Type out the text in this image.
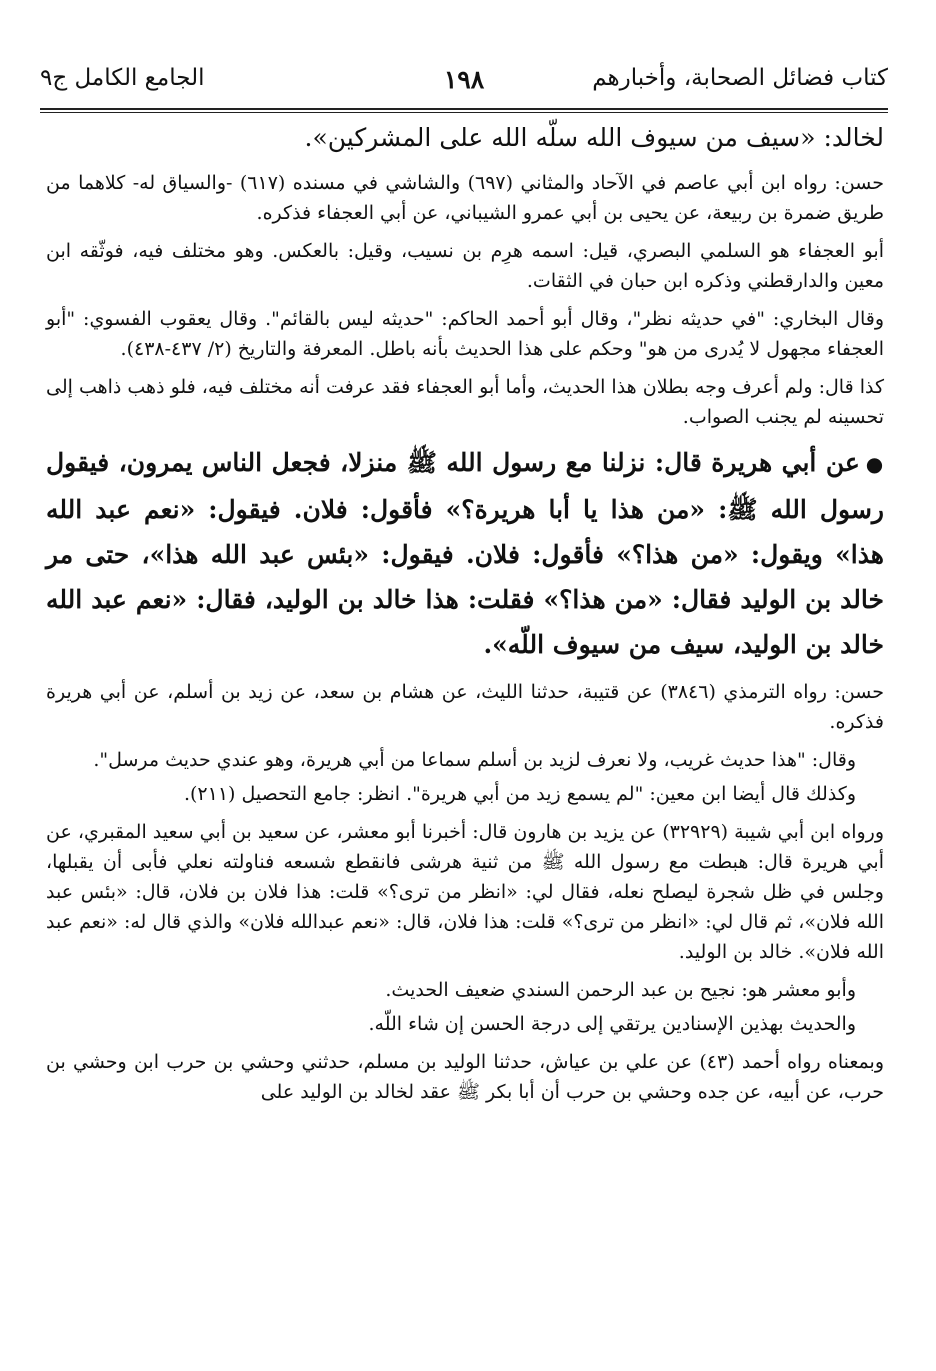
كتاب فضائل الصحابة، وأخبارهم
١٩٨
الجامع الكامل ج٩

لخالد: «سيف من سيوف الله سلّه الله على المشركين».

حسن: رواه ابن أبي عاصم في الآحاد والمثاني (٦٩٧) والشاشي في مسنده (٦١٧) -والسياق له- كلاهما من طريق ضمرة بن ربيعة، عن يحيى بن أبي عمرو الشيباني، عن أبي العجفاء فذكره.

أبو العجفاء هو السلمي البصري، قيل: اسمه هرِم بن نسيب، وقيل: بالعكس. وهو مختلف فيه، فوثّقه ابن معين والدارقطني وذكره ابن حبان في الثقات.

وقال البخاري: "في حديثه نظر"، وقال أبو أحمد الحاكم: "حديثه ليس بالقائم". وقال يعقوب الفسوي: "أبو العجفاء مجهول لا يُدرى من هو" وحكم على هذا الحديث بأنه باطل. المعرفة والتاريخ (٢/ ٤٣٧-٤٣٨).

كذا قال: ولم أعرف وجه بطلان هذا الحديث، وأما أبو العجفاء فقد عرفت أنه مختلف فيه، فلو ذهب ذاهب إلى تحسينه لم يجنب الصواب.

●عن أبي هريرة قال: نزلنا مع رسول الله ﷺ منزلا، فجعل الناس يمرون، فيقول رسول الله ﷺ: «من هذا يا أبا هريرة؟» فأقول: فلان. فيقول: «نعم عبد الله هذا» ويقول: «من هذا؟» فأقول: فلان. فيقول: «بئس عبد الله هذا»، حتى مر خالد بن الوليد فقال: «من هذا؟» فقلت: هذا خالد بن الوليد، فقال: «نعم عبد الله خالد بن الوليد، سيف من سيوف اللّه».

حسن: رواه الترمذي (٣٨٤٦) عن قتيبة، حدثنا الليث، عن هشام بن سعد، عن زيد بن أسلم، عن أبي هريرة فذكره.

وقال: "هذا حديث غريب، ولا نعرف لزيد بن أسلم سماعا من أبي هريرة، وهو عندي حديث مرسل".

وكذلك قال أيضا ابن معين: "لم يسمع زيد من أبي هريرة". انظر: جامع التحصيل (٢١١).

ورواه ابن أبي شيبة (٣٢٩٢٩) عن يزيد بن هارون قال: أخبرنا أبو معشر، عن سعيد بن أبي سعيد المقبري، عن أبي هريرة قال: هبطت مع رسول الله ﷺ من ثنية هرشى فانقطع شسعه فناولته نعلي فأبى أن يقبلها، وجلس في ظل شجرة ليصلح نعله، فقال لي: «انظر من ترى؟» قلت: هذا فلان بن فلان، قال: «بئس عبد الله فلان»، ثم قال لي: «انظر من ترى؟» قلت: هذا فلان، قال: «نعم عبدالله فلان» والذي قال له: «نعم عبد الله فلان». خالد بن الوليد.

وأبو معشر هو: نجيح بن عبد الرحمن السندي ضعيف الحديث.

والحديث بهذين الإسنادين يرتقي إلى درجة الحسن إن شاء اللّه.

وبمعناه رواه أحمد (٤٣) عن علي بن عياش، حدثنا الوليد بن مسلم، حدثني وحشي بن حرب ابن وحشي بن حرب، عن أبيه، عن جده وحشي بن حرب أن أبا بكر ﷺ عقد لخالد بن الوليد على
